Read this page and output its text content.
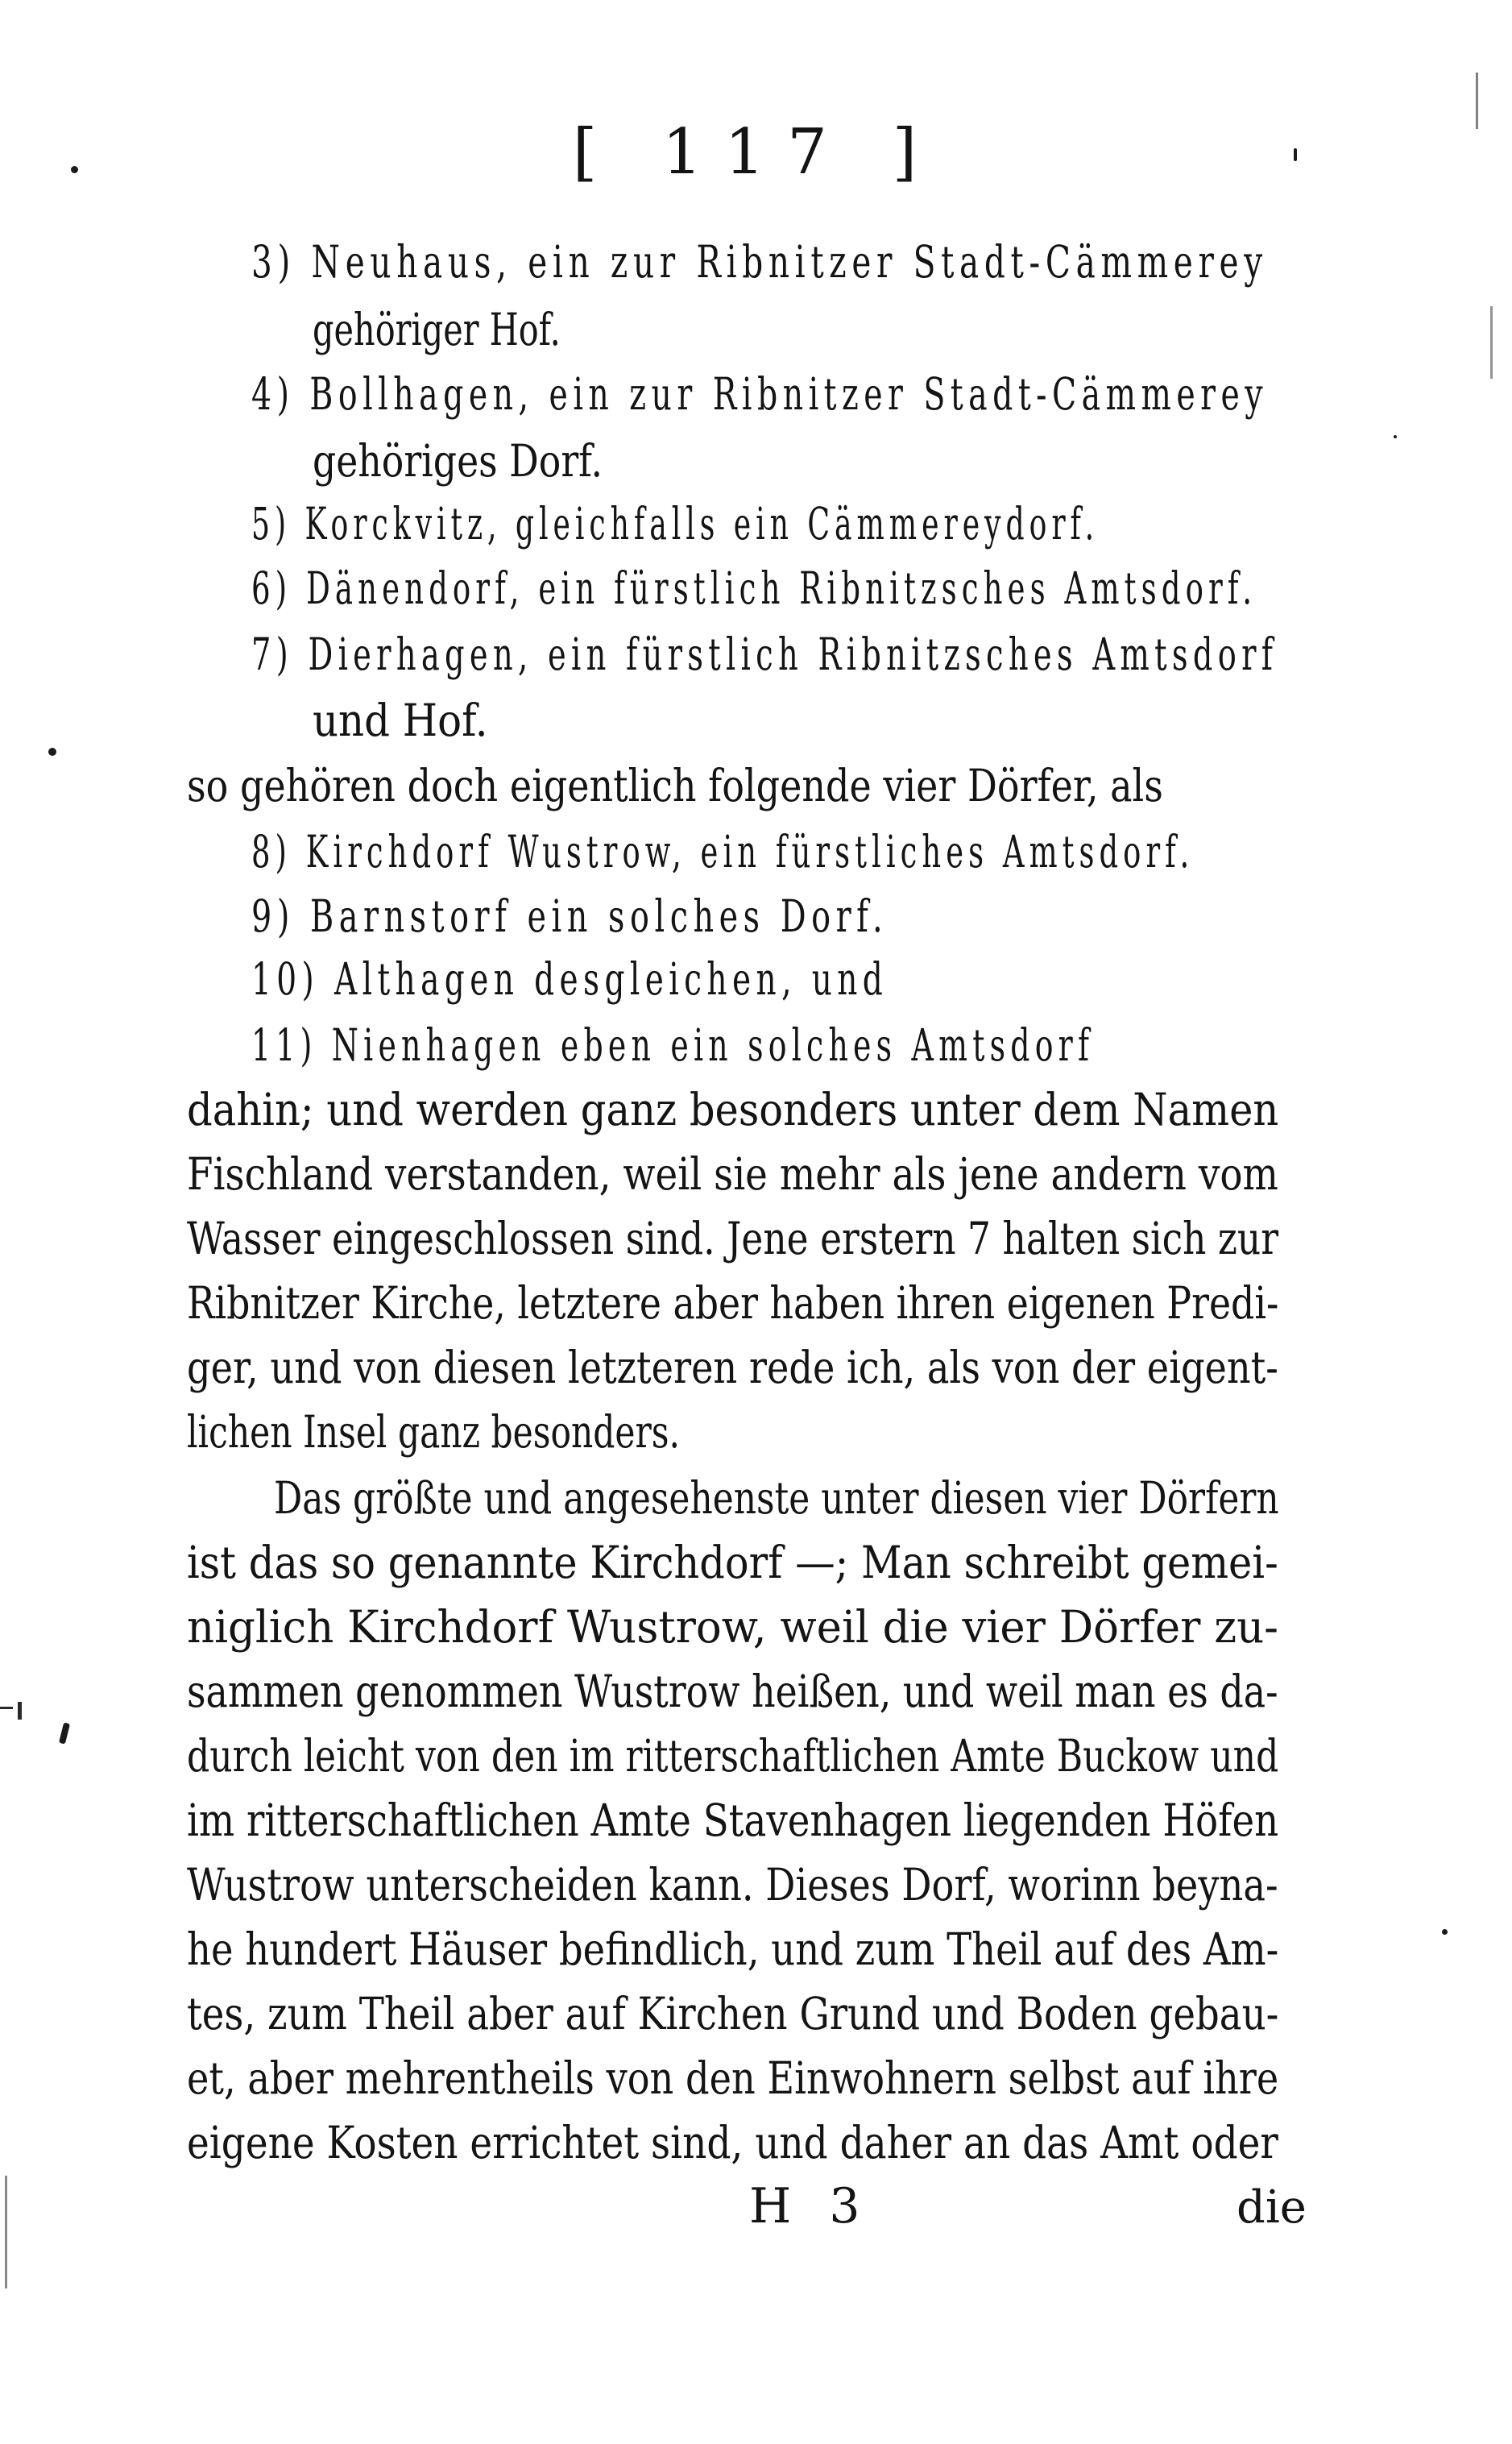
[ 117 ]
3) Neuhaus, ein zur Ribnitzer Stadt-Cämmerey
gehöriger Hof.
4) Bollhagen, ein zur Ribnitzer Stadt-Cämmerey
gehöriges Dorf.
5) Korckvitz, gleichfalls ein Cämmereydorf.
6) Dänendorf, ein fürstlich Ribnitzsches Amtsdorf.
7) Dierhagen, ein fürstlich Ribnitzsches Amtsdorf
und Hof.
so gehören doch eigentlich folgende vier Dörfer, als
8) Kirchdorf Wustrow, ein fürstliches Amtsdorf.
9) Barnstorf ein solches Dorf.
10) Althagen desgleichen, und
11) Nienhagen eben ein solches Amtsdorf
dahin; und werden ganz besonders unter dem Namen
Fischland verstanden, weil sie mehr als jene andern vom
Wasser eingeschlossen sind. Jene erstern 7 halten sich zur
Ribnitzer Kirche, letztere aber haben ihren eigenen Predi-
ger, und von diesen letzteren rede ich, als von der eigent-
lichen Insel ganz besonders.
Das größte und angesehenste unter diesen vier Dörfern
ist das so genannte Kirchdorf —; Man schreibt gemei-
niglich Kirchdorf Wustrow, weil die vier Dörfer zu-
sammen genommen Wustrow heißen, und weil man es da-
durch leicht von den im ritterschaftlichen Amte Buckow und
im ritterschaftlichen Amte Stavenhagen liegenden Höfen
Wustrow unterscheiden kann. Dieses Dorf, worinn beyna-
he hundert Häuser befindlich, und zum Theil auf des Am-
tes, zum Theil aber auf Kirchen Grund und Boden gebau-
et, aber mehrentheils von den Einwohnern selbst auf ihre
eigene Kosten errichtet sind, und daher an das Amt oder
H 3	die
